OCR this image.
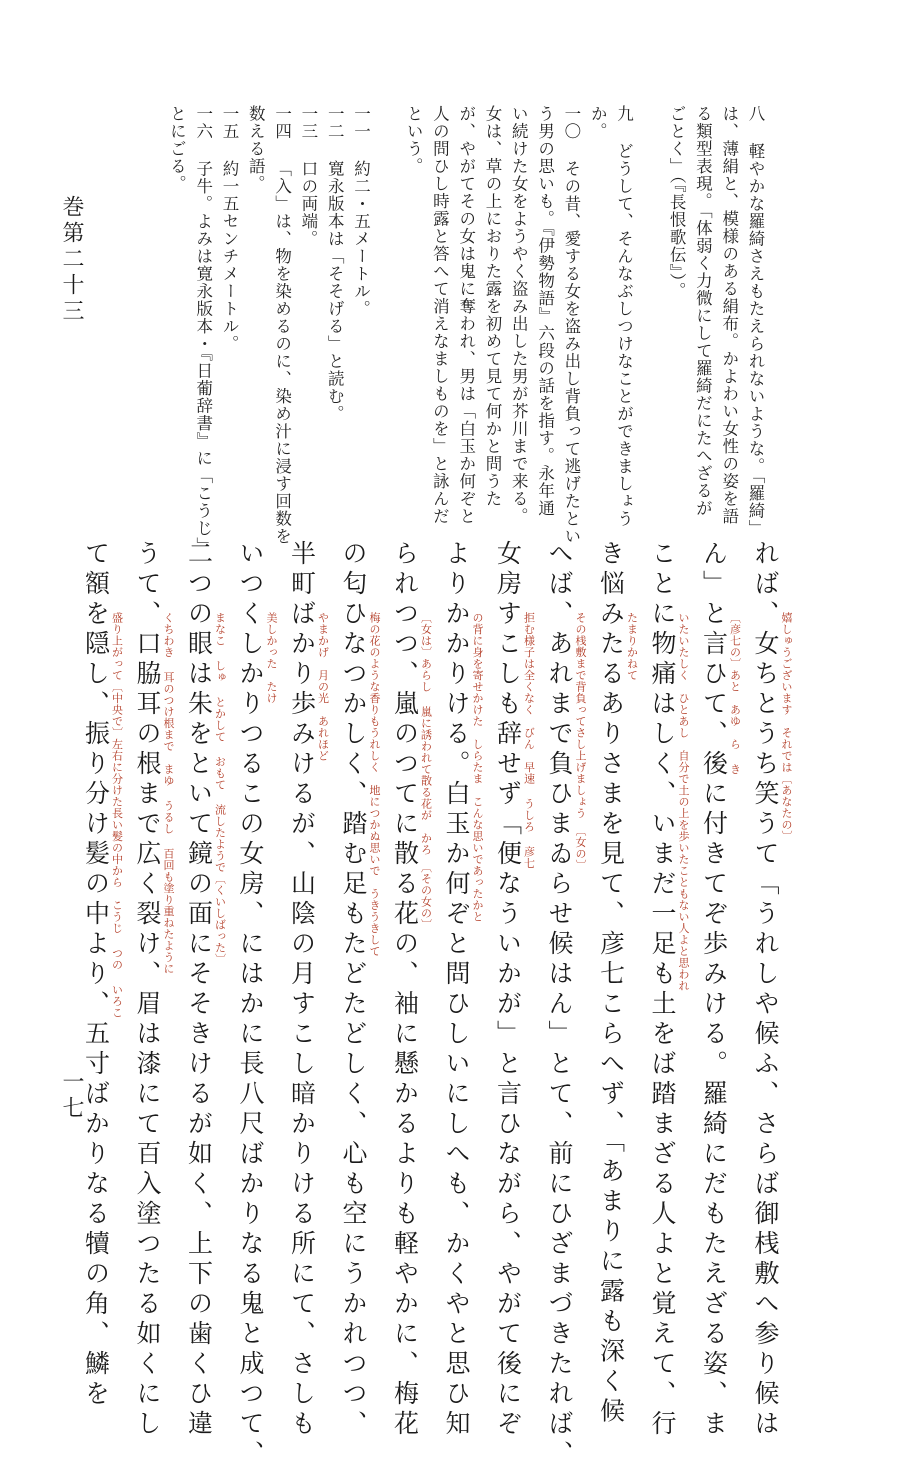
八 軽やかな羅綺さえもたえられないような。「羅綺」

は、薄絹と、模様のある絹布。かよわい女性の姿を語

る類型表現。「体弱く力微にして羅綺だにたへざるが

ごとく」（『長恨歌伝』）。

九 どうして、そんなぶしつけなことができましょう

か。

一〇 その昔、愛する女を盗み出し背負って逃げたとい

う男の思いも。『伊勢物語』六段の話を指す。永年通

い続けた女をようやく盗み出した男が芥川まで来る。

女は、草の上におりた露を初めて見て何かと問うた

が、やがてその女は鬼に奪われ、男は「白玉か何ぞと

人の問ひし時露と答へて消えなましものを」と詠んだ

という。

一一 約二・五メートル。

一二 寛永版本は「そそげる」と読む。

一三 口の両端。

一四 「入」は、物を染めるのに、染め汁に浸す回数を

数える語。

一五 約一五センチメートル。

一六 子牛。よみは寛永版本・『日葡辞書』に「こうじ」

とにごる。

れば、女ちとうち笑うて「うれしや候ふ、さらば御桟敷へ参り候は

ん」と言ひて、後に付きてぞ歩みける。羅綺にだもたえざる姿、ま

ことに物痛はしく、いまだ一足も土をば踏まざる人よと覚えて、行

き悩みたるありさまを見て、彦七こらへず、「あまりに露も深く候

へば、あれまで負ひまゐらせ候はん」とて、前にひざまづきたれば、

女房すこしも辞せず「便なういかが」と言ひながら、やがて後にぞ

よりかかりける。白玉か何ぞと問ひしいにしへも、かくやと思ひ知

られつつ、嵐のつてに散る花の、袖に懸かるよりも軽やかに、梅花

の匂ひなつかしく、踏む足もたどたどしく、心も空にうかれつつ、

半町ばかり歩みけるが、山陰の月すこし暗かりける所にて、さしも

いつくしかりつるこの女房、にはかに長八尺ばかりなる鬼と成つて、

二つの眼は朱をといて鏡の面にそそきけるが如く、上下の歯くひ違

うて、口脇耳の根まで広く裂け、眉は漆にて百入塗つたる如くにし

て額を隠し、振り分け髪の中より、五寸ばかりなる犢の角、鱗を	嬉しゅうございます　それでは〔あなたの〕

〔彦七の〕あと　あゆ　ら き

いたいたしく　ひとあし　自分で土の上を歩いたこともない人よと思われ

たまりかねて

その桟敷まで背負ってさし上げましょう　〔女の〕

拒む様子は全くなく　びん　早速 うしろ 彦七

の背に身を寄せかけた　しらたま　こんな思いであったかと

〔女は〕あらし 嵐に誘われて散る花が　かろ　〔その女の〕

梅の花のような香りもうれしく　地につかぬ思いで　うきうきして

やまかげ　月の光　あれほど

美しかった　たけ

まなこ しゅ とかして おもて 流したようで〔くいしばった〕

くちわき 耳のつけ根まで　まゆ うるし 百回も塗り重ねたように

盛り上がって〔中央で〕左右に分けた長い髪の中から　こうじ つの いろこ

巻第二十三
一七
